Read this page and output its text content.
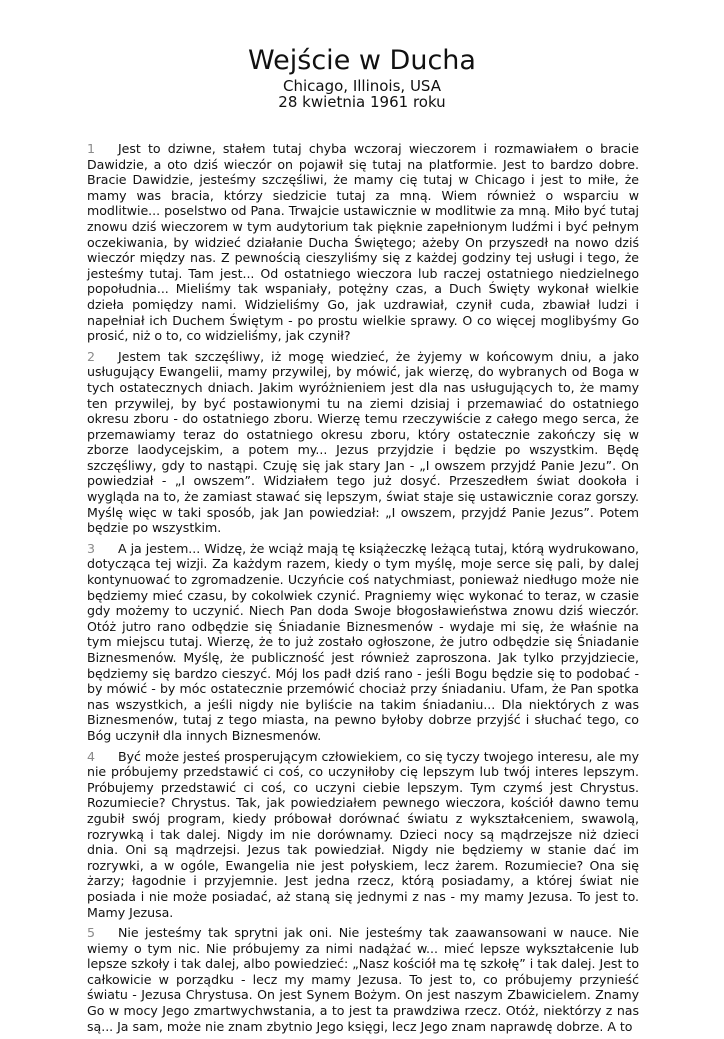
Wejście w Ducha

Chicago, Illinois, USA

28 kwietnia 1961 roku

1 Jest to dziwne, stałem tutaj chyba wczoraj wieczorem i rozmawiałem o bracie Dawidzie, a oto dziś wieczór on pojawił się tutaj na platformie. Jest to bardzo dobre. Bracie Dawidzie, jesteśmy szczęśliwi, że mamy cię tutaj w Chicago i jest to miłe, że mamy was bracia, którzy siedzicie tutaj za mną. Wiem również o wsparciu w modlitwie... poselstwo od Pana. Trwajcie ustawicznie w modlitwie za mną. Miło być tutaj znowu dziś wieczorem w tym audytorium tak pięknie zapełnionym ludźmi i być pełnym oczekiwania, by widzieć działanie Ducha Świętego; ażeby On przyszedł na nowo dziś wieczór między nas. Z pewnością cieszyliśmy się z każdej godziny tej usługi i tego, że jesteśmy tutaj. Tam jest... Od ostatniego wieczora lub raczej ostatniego niedzielnego popołudnia... Mieliśmy tak wspaniały, potężny czas, a Duch Święty wykonał wielkie dzieła pomiędzy nami. Widzieliśmy Go, jak uzdrawiał, czynił cuda, zbawiał ludzi i napełniał ich Duchem Świętym - po prostu wielkie sprawy. O co więcej moglibyśmy Go prosić, niż o to, co widzieliśmy, jak czynił?

2 Jestem tak szczęśliwy, iż mogę wiedzieć, że żyjemy w końcowym dniu, a jako usługujący Ewangelii, mamy przywilej, by mówić, jak wierzę, do wybranych od Boga w tych ostatecznych dniach. Jakim wyróżnieniem jest dla nas usługujących to, że mamy ten przywilej, by być postawionymi tu na ziemi dzisiaj i przemawiać do ostatniego okresu zboru - do ostatniego zboru. Wierzę temu rzeczywiście z całego mego serca, że przemawiamy teraz do ostatniego okresu zboru, który ostatecznie zakończy się w zborze laodycejskim, a potem my... Jezus przyjdzie i będzie po wszystkim. Będę szczęśliwy, gdy to nastąpi. Czuję się jak stary Jan - „I owszem przyjdź Panie Jezu”. On powiedział - „I owszem”. Widziałem tego już dosyć. Przeszedłem świat dookoła i wygląda na to, że zamiast stawać się lepszym, świat staje się ustawicznie coraz gorszy. Myślę więc w taki sposób, jak Jan powiedział: „I owszem, przyjdź Panie Jezus”. Potem będzie po wszystkim.

3 A ja jestem... Widzę, że wciąż mają tę książeczkę leżącą tutaj, którą wydrukowano, dotycząca tej wizji. Za każdym razem, kiedy o tym myślę, moje serce się pali, by dalej kontynuować to zgromadzenie. Uczyńcie coś natychmiast, ponieważ niedługo może nie będziemy mieć czasu, by cokolwiek czynić. Pragniemy więc wykonać to teraz, w czasie gdy możemy to uczynić. Niech Pan doda Swoje błogosławieństwa znowu dziś wieczór. Otóż jutro rano odbędzie się Śniadanie Biznesmenów - wydaje mi się, że właśnie na tym miejscu tutaj. Wierzę, że to już zostało ogłoszone, że jutro odbędzie się Śniadanie Biznesmenów. Myślę, że publiczność jest również zaproszona. Jak tylko przyjdziecie, będziemy się bardzo cieszyć. Mój los padł dziś rano - jeśli Bogu będzie się to podobać - by mówić - by móc ostatecznie przemówić chociaż przy śniadaniu. Ufam, że Pan spotka nas wszystkich, a jeśli nigdy nie byliście na takim śniadaniu... Dla niektórych z was Biznesmenów, tutaj z tego miasta, na pewno byłoby dobrze przyjść i słuchać tego, co Bóg uczynił dla innych Biznesmenów.

4 Być może jesteś prosperującym człowiekiem, co się tyczy twojego interesu, ale my nie próbujemy przedstawić ci coś, co uczyniłoby cię lepszym lub twój interes lepszym. Próbujemy przedstawić ci coś, co uczyni ciebie lepszym. Tym czymś jest Chrystus. Rozumiecie? Chrystus. Tak, jak powiedziałem pewnego wieczora, kościół dawno temu zgubił swój program, kiedy próbował dorównać światu z wykształceniem, swawolą, rozrywką i tak dalej. Nigdy im nie dorównamy. Dzieci nocy są mądrzejsze niż dzieci dnia. Oni są mądrzejsi. Jezus tak powiedział. Nigdy nie będziemy w stanie dać im rozrywki, a w ogóle, Ewangelia nie jest połyskiem, lecz żarem. Rozumiecie? Ona się żarzy; łagodnie i przyjemnie. Jest jedna rzecz, którą posiadamy, a której świat nie posiada i nie może posiadać, aż staną się jednymi z nas - my mamy Jezusa. To jest to. Mamy Jezusa.

5 Nie jesteśmy tak sprytni jak oni. Nie jesteśmy tak zaawansowani w nauce. Nie wiemy o tym nic. Nie próbujemy za nimi nadążać w... mieć lepsze wykształcenie lub lepsze szkoły i tak dalej, albo powiedzieć: „Nasz kościół ma tę szkołę” i tak dalej. Jest to całkowicie w porządku - lecz my mamy Jezusa. To jest to, co próbujemy przynieść światu - Jezusa Chrystusa. On jest Synem Bożym. On jest naszym Zbawicielem. Znamy Go w mocy Jego zmartwychwstania, a to jest ta prawdziwa rzecz. Otóż, niektórzy z nas są... Ja sam, może nie znam zbytnio Jego księgi, lecz Jego znam naprawdę dobrze. A to
